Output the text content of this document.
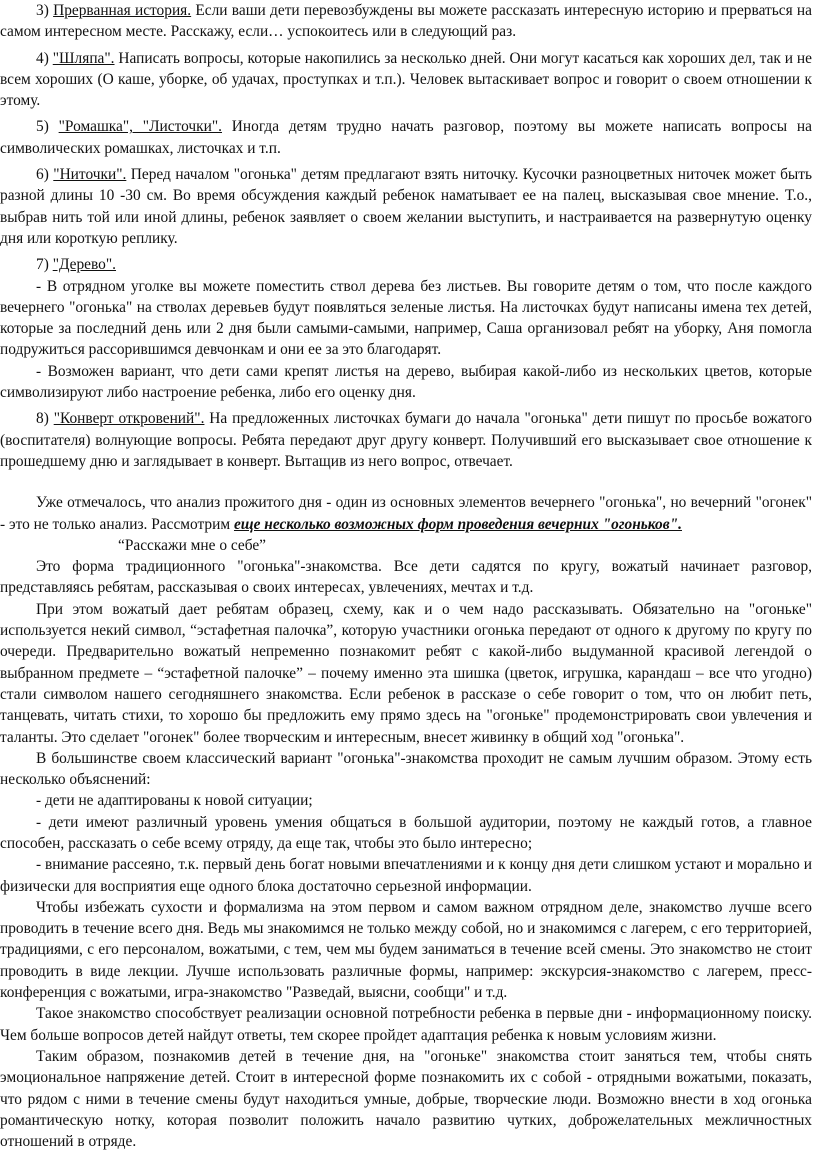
3) Прерванная история. Если ваши дети перевозбуждены вы можете рассказать интересную историю и прерваться на самом интересном месте. Расскажу, если… успокоитесь или в следующий раз.

4) "Шляпа". Написать вопросы, которые накопились за несколько дней. Они могут касаться как хороших дел, так и не всем хороших (О каше, уборке, об удачах, проступках и т.п.). Человек вытаскивает вопрос и говорит о своем отношении к этому.

5) "Ромашка", "Листочки". Иногда детям трудно начать разговор, поэтому вы можете написать вопросы на символических ромашках, листочках и т.п.

6) "Ниточки". Перед началом "огонька" детям предлагают взять ниточку. Кусочки разноцветных ниточек может быть разной длины 10 -30 см. Во время обсуждения каждый ребенок наматывает ее на палец, высказывая свое мнение. Т.о., выбрав нить той или иной длины, ребенок заявляет о своем желании выступить, и настраивается на развернутую оценку дня или короткую реплику.

7) "Дерево".

- В отрядном уголке вы можете поместить ствол дерева без листьев. Вы говорите детям о том, что после каждого вечернего "огонька" на стволах деревьев будут появляться зеленые листья. На листочках будут написаны имена тех детей, которые за последний день или 2 дня были самыми-самыми, например, Саша организовал ребят на уборку, Аня помогла подружиться рассорившимся девчонкам и они ее за это благодарят.

- Возможен вариант, что дети сами крепят листья на дерево, выбирая какой-либо из нескольких цветов, которые символизируют либо настроение ребенка, либо его оценку дня.

8) "Конверт откровений". На предложенных листочках бумаги до начала "огонька" дети пишут по просьбе вожатого (воспитателя) волнующие вопросы. Ребята передают друг другу конверт. Получивший его высказывает свое отношение к прошедшему дню и заглядывает в конверт. Вытащив из него вопрос, отвечает.

Уже отмечалось, что анализ прожитого дня - один из основных элементов вечернего "огонька", но вечерний "огонек" - это не только анализ. Рассмотрим еще несколько возможных форм проведения вечерних "огоньков".

“Расскажи мне о себе”

Это форма традиционного "огонька"-знакомства. Все дети садятся по кругу, вожатый начинает разговор, представляясь ребятам, рассказывая о своих интересах, увлечениях, мечтах и т.д.

При этом вожатый дает ребятам образец, схему, как и о чем надо рассказывать. Обязательно на "огоньке" используется некий символ, “эстафетная палочка”, которую участники огонька передают от одного к другому по кругу по очереди. Предварительно вожатый непременно познакомит ребят с какой-либо выдуманной красивой легендой о выбранном предмете – “эстафетной палочке” – почему именно эта шишка (цветок, игрушка, карандаш – все что угодно) стали символом нашего сегодняшнего знакомства. Если ребенок в рассказе о себе говорит о том, что он любит петь, танцевать, читать стихи, то хорошо бы предложить ему прямо здесь на "огоньке" продемонстрировать свои увлечения и таланты. Это сделает "огонек" более творческим и интересным, внесет живинку в общий ход "огонька".

В большинстве своем классический вариант "огонька"-знакомства проходит не самым лучшим образом. Этому есть несколько объяснений:

- дети не адаптированы к новой ситуации;

- дети имеют различный уровень умения общаться в большой аудитории, поэтому не каждый готов, а главное способен, рассказать о себе всему отряду, да еще так, чтобы это было интересно;

- внимание рассеяно, т.к. первый день богат новыми впечатлениями и к концу дня дети слишком устают и морально и физически для восприятия еще одного блока достаточно серьезной информации.

Чтобы избежать сухости и формализма на этом первом и самом важном отрядном деле, знакомство лучше всего проводить в течение всего дня. Ведь мы знакомимся не только между собой, но и знакомимся с лагерем, с его территорией, традициями, с его персоналом, вожатыми, с тем, чем мы будем заниматься в течение всей смены. Это знакомство не стоит проводить в виде лекции. Лучше использовать различные формы, например: экскурсия-знакомство с лагерем, пресс-конференция с вожатыми, игра-знакомство "Разведай, выясни, сообщи" и т.д.

Такое знакомство способствует реализации основной потребности ребенка в первые дни - информационному поиску. Чем больше вопросов детей найдут ответы, тем скорее пройдет адаптация ребенка к новым условиям жизни.

Таким образом, познакомив детей в течение дня, на "огоньке" знакомства стоит заняться тем, чтобы снять эмоциональное напряжение детей. Стоит в интересной форме познакомить их с собой - отрядными вожатыми, показать, что рядом с ними в течение смены будут находиться умные, добрые, творческие люди. Возможно внести в ход огонька романтическую нотку, которая позволит положить начало развитию чутких, доброжелательных межличностных отношений в отряде.
